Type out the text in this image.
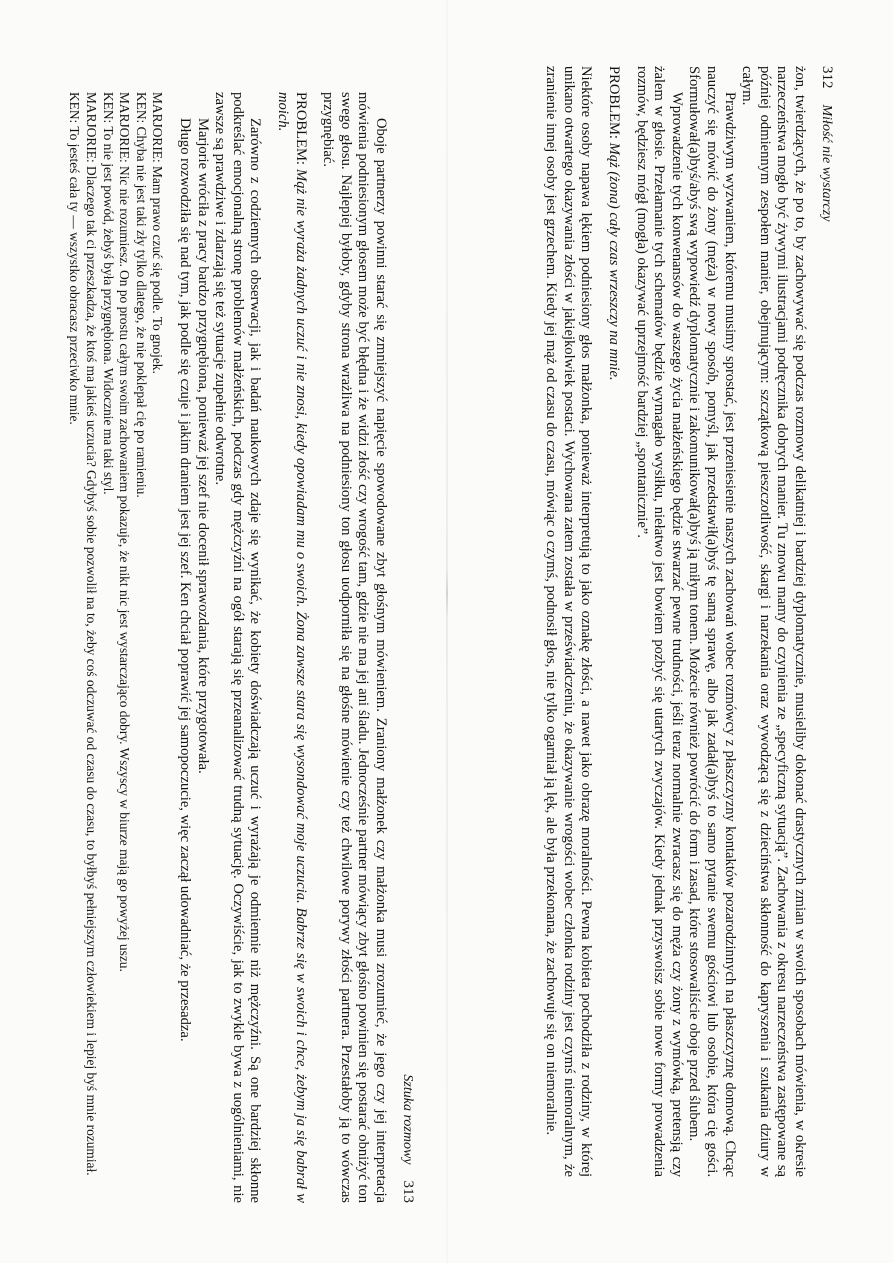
312
Miłość nie wystarczy

żon, twierdzących, że po to, by zachowywać się podczas rozmowy delikatniej i bardziej dyplomatycznie, musieliby dokonać drastycznych zmian w swoich sposobach mówienia, w okresie narzeczeństwa mogło być żywymi ilustracjami podręcznika dobrych manier. Tu znowu mamy do czynienia ze „specyficzną sytuacją”. Zachowania z okresu narzeczeństwa zastępowane są później odmiennym zespołem manier, obejmującym: szczątkową pieszczotliwość, skargi i narzekania oraz wywodzącą się z dzieciństwa skłonność do kapryszenia i szukania dziury w całym.

Prawdziwym wyzwaniem, któremu musimy sprostać, jest przeniesienie naszych zachowań wobec rozmówcy z płaszczyzny kontaktów pozarodzinnych na płaszczyznę domową. Chcąc nauczyć się mówić do żony (męża) w nowy sposób, pomyśl, jak przedstawił(a)byś tę samą sprawę, albo jak zadał(a)byś to samo pytanie swemu gościowi lub osobie, która cię gości. Sformułował(a)byś/abyś swą wypowiedź dyplomatycznie i zakomunikował(a)byś ją miłym tonem. Możecie również powrócić do form i zasad, które stosowaliście oboje przed ślubem.

Wprowadzenie tych konwenansów do waszego życia małżeńskiego będzie stwarzać pewne trudności, jeśli teraz normalnie zwracasz się do męża czy żony z wymówką, pretensją czy żalem w głosie. Przełamanie tych schematów będzie wymagało wysiłku, niełatwo jest bowiem pozbyć się utartych zwyczajów. Kiedy jednak przyswoisz sobie nowe formy prowadzenia rozmów, będziesz mógł (mogła) okazywać uprzejmość bardziej „spontanicznie”.

PROBLEM: Mąż (żona) cały czas wrzeszczy na mnie.

Niektóre osoby napawa lękiem podniesiony głos małżonka, ponieważ interpretują to jako oznakę złości, a nawet jako obrazę moralności. Pewna kobieta pochodziła z rodziny, w której unikano otwartego okazywania złości w jakiejkolwiek postaci. Wychowana zatem została w przeświadczeniu, że okazywanie wrogości wobec członka rodziny jest czymś niemoralnym, że zranienie innej osoby jest grzechem. Kiedy jej mąż od czasu do czasu, mówiąc o czymś, podnosił głos, nie tylko ogarniał ją lęk, ale była przekonana, że zachowuje się on niemoralnie.

Sztuka rozmowy
313

Oboje partnerzy powinni starać się zmniejszyć napięcie spowodowane zbyt głośnym mówieniem. Zraniony małżonek czy małżonka musi zrozumieć, że jego czy jej interpretacja mówienia podniesionym głosem może być błędna i że widzi złość czy wrogość tam, gdzie nie ma jej ani śladu. Jednocześnie partner mówiący zbyt głośno powinien się postarać obniżyć ton swego głosu. Najlepiej byłoby, gdyby strona wrażliwa na podniesiony ton głosu uodporniła się na głośne mówienie czy też chwilowe porywy złości partnera. Przestałoby ją to wówczas przygnębiać.

PROBLEM: Mąż nie wyraża żadnych uczuć i nie znosi, kiedy opowiadam mu o swoich. Żona zawsze stara się wysondować moje uczucia. Babrze się w swoich i chce, żebym ja się babrał w moich.

Zarówno z codziennych obserwacji, jak i badań naukowych zdaje się wynikać, że kobiety doświadczają uczuć i wyrażają je odmiennie niż mężczyźni. Są one bardziej skłonne podkreślać emocjonalną stronę problemów małżeńskich, podczas gdy mężczyźni na ogół starają się przeanalizować trudną sytuację. Oczywiście, jak to zwykle bywa z uogólnieniami, nie zawsze są prawdziwe i zdarzają się też sytuacje zupełnie odwrotne.

Marjorie wróciła z pracy bardzo przygnębiona, ponieważ jej szef nie docenił sprawozdania, które przygotowała.

Długo rozwodziła się nad tym, jak podle się czuje i jakim draniem jest jej szef. Ken chciał poprawić jej samopoczucie, więc zaczął udowadniać, że przesadza.

MARJORIE: Mam prawo czuć się podle. To gnojek.

KEN: Chyba nie jest taki zły tylko dlatego, że nie poklepał cię po ramieniu.

MARJORIE: Nic nie rozumiesz. On po prostu całym swoim zachowaniem pokazuje, że nikt nic jest wystarczająco dobry. Wszyscy w biurze mają go powyżej uszu.

KEN: To nie jest powód, żebyś była przygnębiona. Widocznie ma taki styl.

MARJORIE: Dlaczego tak ci przeszkadza, że ktoś ma jakieś uczucia? Gdybyś sobie pozwolił na to, żeby coś odczuwać od czasu do czasu, to byłbyś pełniejszym człowiekiem i lepiej byś mnie rozumiał.

KEN: To jesteś cała ty — wszystko obracasz przeciwko mnie.
